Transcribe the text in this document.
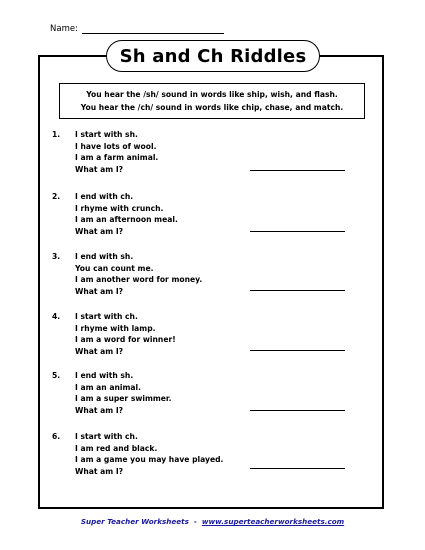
Name:
Sh and Ch Riddles
You hear the /sh/ sound in words like ship, wish, and flash.
You hear the /ch/ sound in words like chip, chase, and match.
1. I start with sh.
I have lots of wool.
I am a farm animal.
What am I?
2. I end with ch.
I rhyme with crunch.
I am an afternoon meal.
What am I?
3. I end with sh.
You can count me.
I am another word for money.
What am I?
4. I start with ch.
I rhyme with lamp.
I am a word for winner!
What am I?
5. I end with sh.
I am an animal.
I am a super swimmer.
What am I?
6. I start with ch.
I am red and black.
I am a game you may have played.
What am I?
Super Teacher Worksheets - www.superteacherworksheets.com
